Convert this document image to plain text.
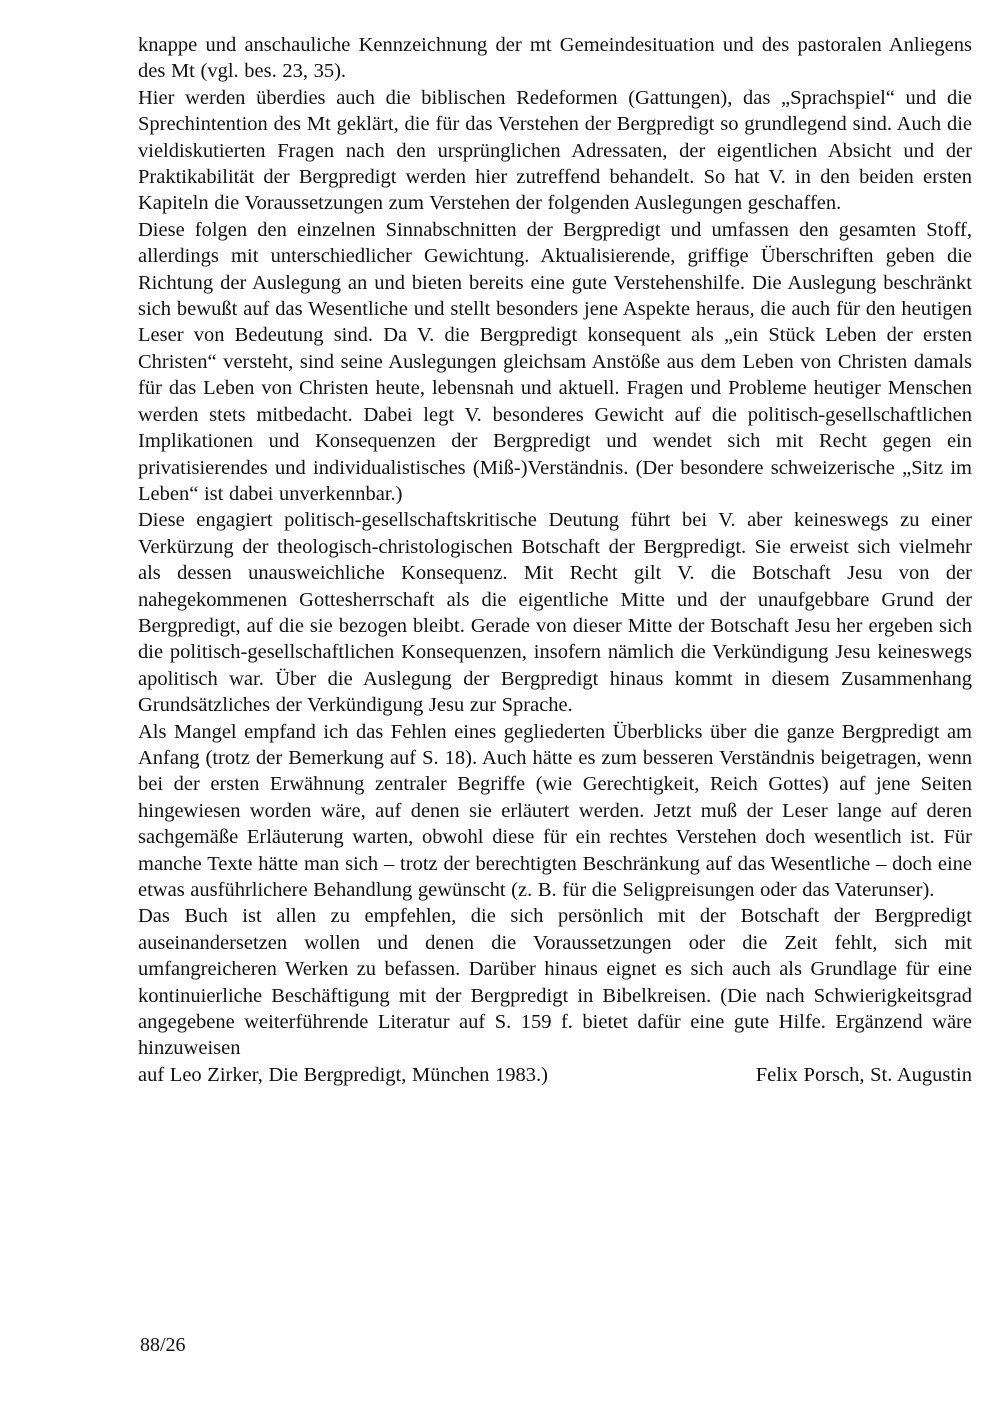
knappe und anschauliche Kennzeichnung der mt Gemeindesituation und des pastoralen Anliegens des Mt (vgl. bes. 23, 35).

Hier werden überdies auch die biblischen Redeformen (Gattungen), das „Sprachspiel“ und die Sprechintention des Mt geklärt, die für das Verstehen der Bergpredigt so grundlegend sind. Auch die vieldiskutierten Fragen nach den ursprünglichen Adressaten, der eigentlichen Absicht und der Praktikabilität der Bergpredigt werden hier zutreffend behandelt. So hat V. in den beiden ersten Kapiteln die Voraussetzungen zum Verstehen der folgenden Auslegungen geschaffen.

Diese folgen den einzelnen Sinnabschnitten der Bergpredigt und umfassen den gesamten Stoff, allerdings mit unterschiedlicher Gewichtung. Aktualisierende, griffige Überschriften geben die Richtung der Auslegung an und bieten bereits eine gute Verstehenshilfe. Die Auslegung beschränkt sich bewußt auf das Wesentliche und stellt besonders jene Aspekte heraus, die auch für den heutigen Leser von Bedeutung sind. Da V. die Bergpredigt konsequent als „ein Stück Leben der ersten Christen“ versteht, sind seine Auslegungen gleichsam Anstöße aus dem Leben von Christen damals für das Leben von Christen heute, lebensnah und aktuell. Fragen und Probleme heutiger Menschen werden stets mitbedacht. Dabei legt V. besonderes Gewicht auf die politisch-gesellschaftlichen Implikationen und Konsequenzen der Bergpredigt und wendet sich mit Recht gegen ein privatisierendes und individualistisches (Miß-)Verständnis. (Der besondere schweizerische „Sitz im Leben“ ist dabei unverkennbar.)

Diese engagiert politisch-gesellschaftskritische Deutung führt bei V. aber keineswegs zu einer Verkürzung der theologisch-christologischen Botschaft der Bergpredigt. Sie erweist sich vielmehr als dessen unausweichliche Konsequenz. Mit Recht gilt V. die Botschaft Jesu von der nahegekommenen Gottesherrschaft als die eigentliche Mitte und der unaufgebbare Grund der Bergpredigt, auf die sie bezogen bleibt. Gerade von dieser Mitte der Botschaft Jesu her ergeben sich die politisch-gesellschaftlichen Konsequenzen, insofern nämlich die Verkündigung Jesu keineswegs apolitisch war. Über die Auslegung der Bergpredigt hinaus kommt in diesem Zusammenhang Grundsätzliches der Verkündigung Jesu zur Sprache.

Als Mangel empfand ich das Fehlen eines gegliederten Überblicks über die ganze Bergpredigt am Anfang (trotz der Bemerkung auf S. 18). Auch hätte es zum besseren Verständnis beigetragen, wenn bei der ersten Erwähnung zentraler Begriffe (wie Gerechtigkeit, Reich Gottes) auf jene Seiten hingewiesen worden wäre, auf denen sie erläutert werden. Jetzt muß der Leser lange auf deren sachgemäße Erläuterung warten, obwohl diese für ein rechtes Verstehen doch wesentlich ist. Für manche Texte hätte man sich – trotz der berechtigten Beschränkung auf das Wesentliche – doch eine etwas ausführlichere Behandlung gewünscht (z. B. für die Seligpreisungen oder das Vaterunser).

Das Buch ist allen zu empfehlen, die sich persönlich mit der Botschaft der Bergpredigt auseinandersetzen wollen und denen die Voraussetzungen oder die Zeit fehlt, sich mit umfangreicheren Werken zu befassen. Darüber hinaus eignet es sich auch als Grundlage für eine kontinuierliche Beschäftigung mit der Bergpredigt in Bibelkreisen. (Die nach Schwierigkeitsgrad angegebene weiterführende Literatur auf S. 159 f. bietet dafür eine gute Hilfe. Ergänzend wäre hinzuweisen

auf Leo Zirker, Die Bergpredigt, München 1983.)	Felix Porsch, St. Augustin
88/26
